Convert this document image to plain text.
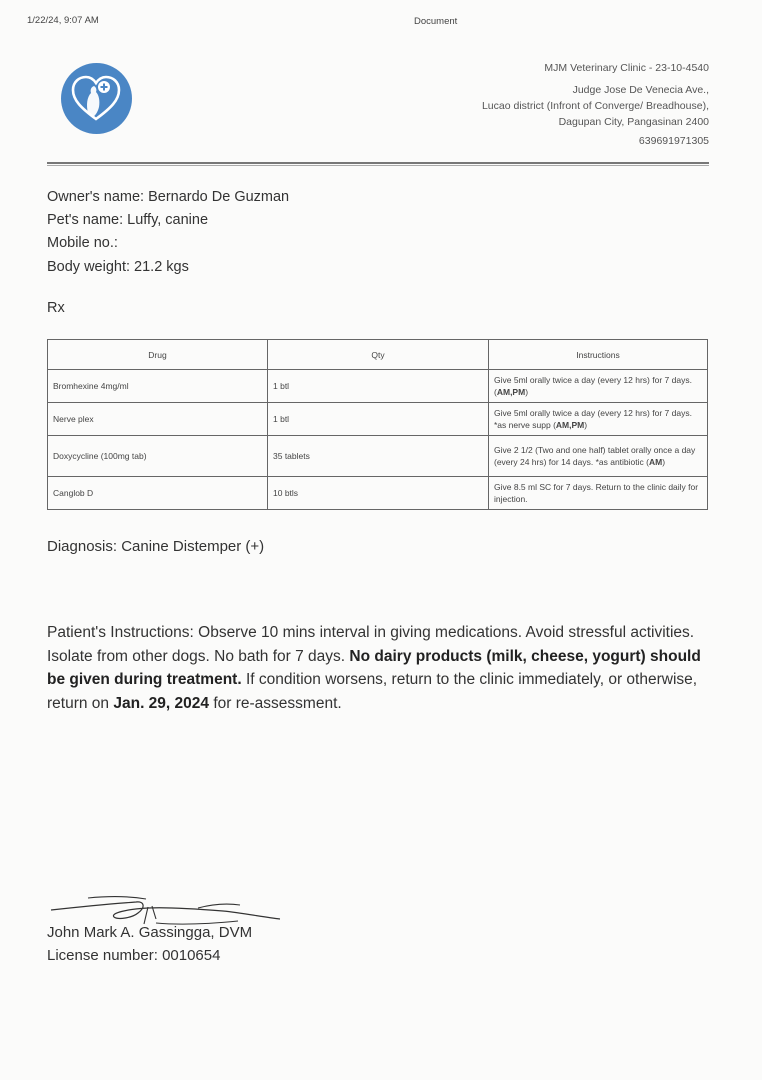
1/22/24, 9:07 AM	Document
MJM Veterinary Clinic - 23-10-4540
Judge Jose De Venecia Ave.,
Lucao district (Infront of Converge/ Breadhouse),
Dagupan City, Pangasinan 2400
639691971305
Owner's name: Bernardo De Guzman
Pet's name: Luffy, canine
Mobile no.:
Body weight: 21.2 kgs
Rx
Drug	Qty	Instructions
Bromhexine 4mg/ml	1 btl	Give 5ml orally twice a day (every 12 hrs) for 7 days. (AM,PM)
Nerve plex	1 btl	Give 5ml orally twice a day (every 12 hrs) for 7 days. *as nerve supp (AM,PM)
Doxycycline (100mg tab)	35 tablets	Give 2 1/2 (Two and one half) tablet orally once a day (every 24 hrs) for 14 days. *as antibiotic (AM)
Canglob D	10 btls	Give 8.5 ml SC for 7 days. Return to the clinic daily for injection.
Diagnosis: Canine Distemper (+)
Patient's Instructions: Observe 10 mins interval in giving medications. Avoid stressful activities. Isolate from other dogs. No bath for 7 days. No dairy products (milk, cheese, yogurt) should be given during treatment. If condition worsens, return to the clinic immediately, or otherwise, return on Jan. 29, 2024 for re-assessment.
John Mark A. Gassingga, DVM
License number: 0010654
